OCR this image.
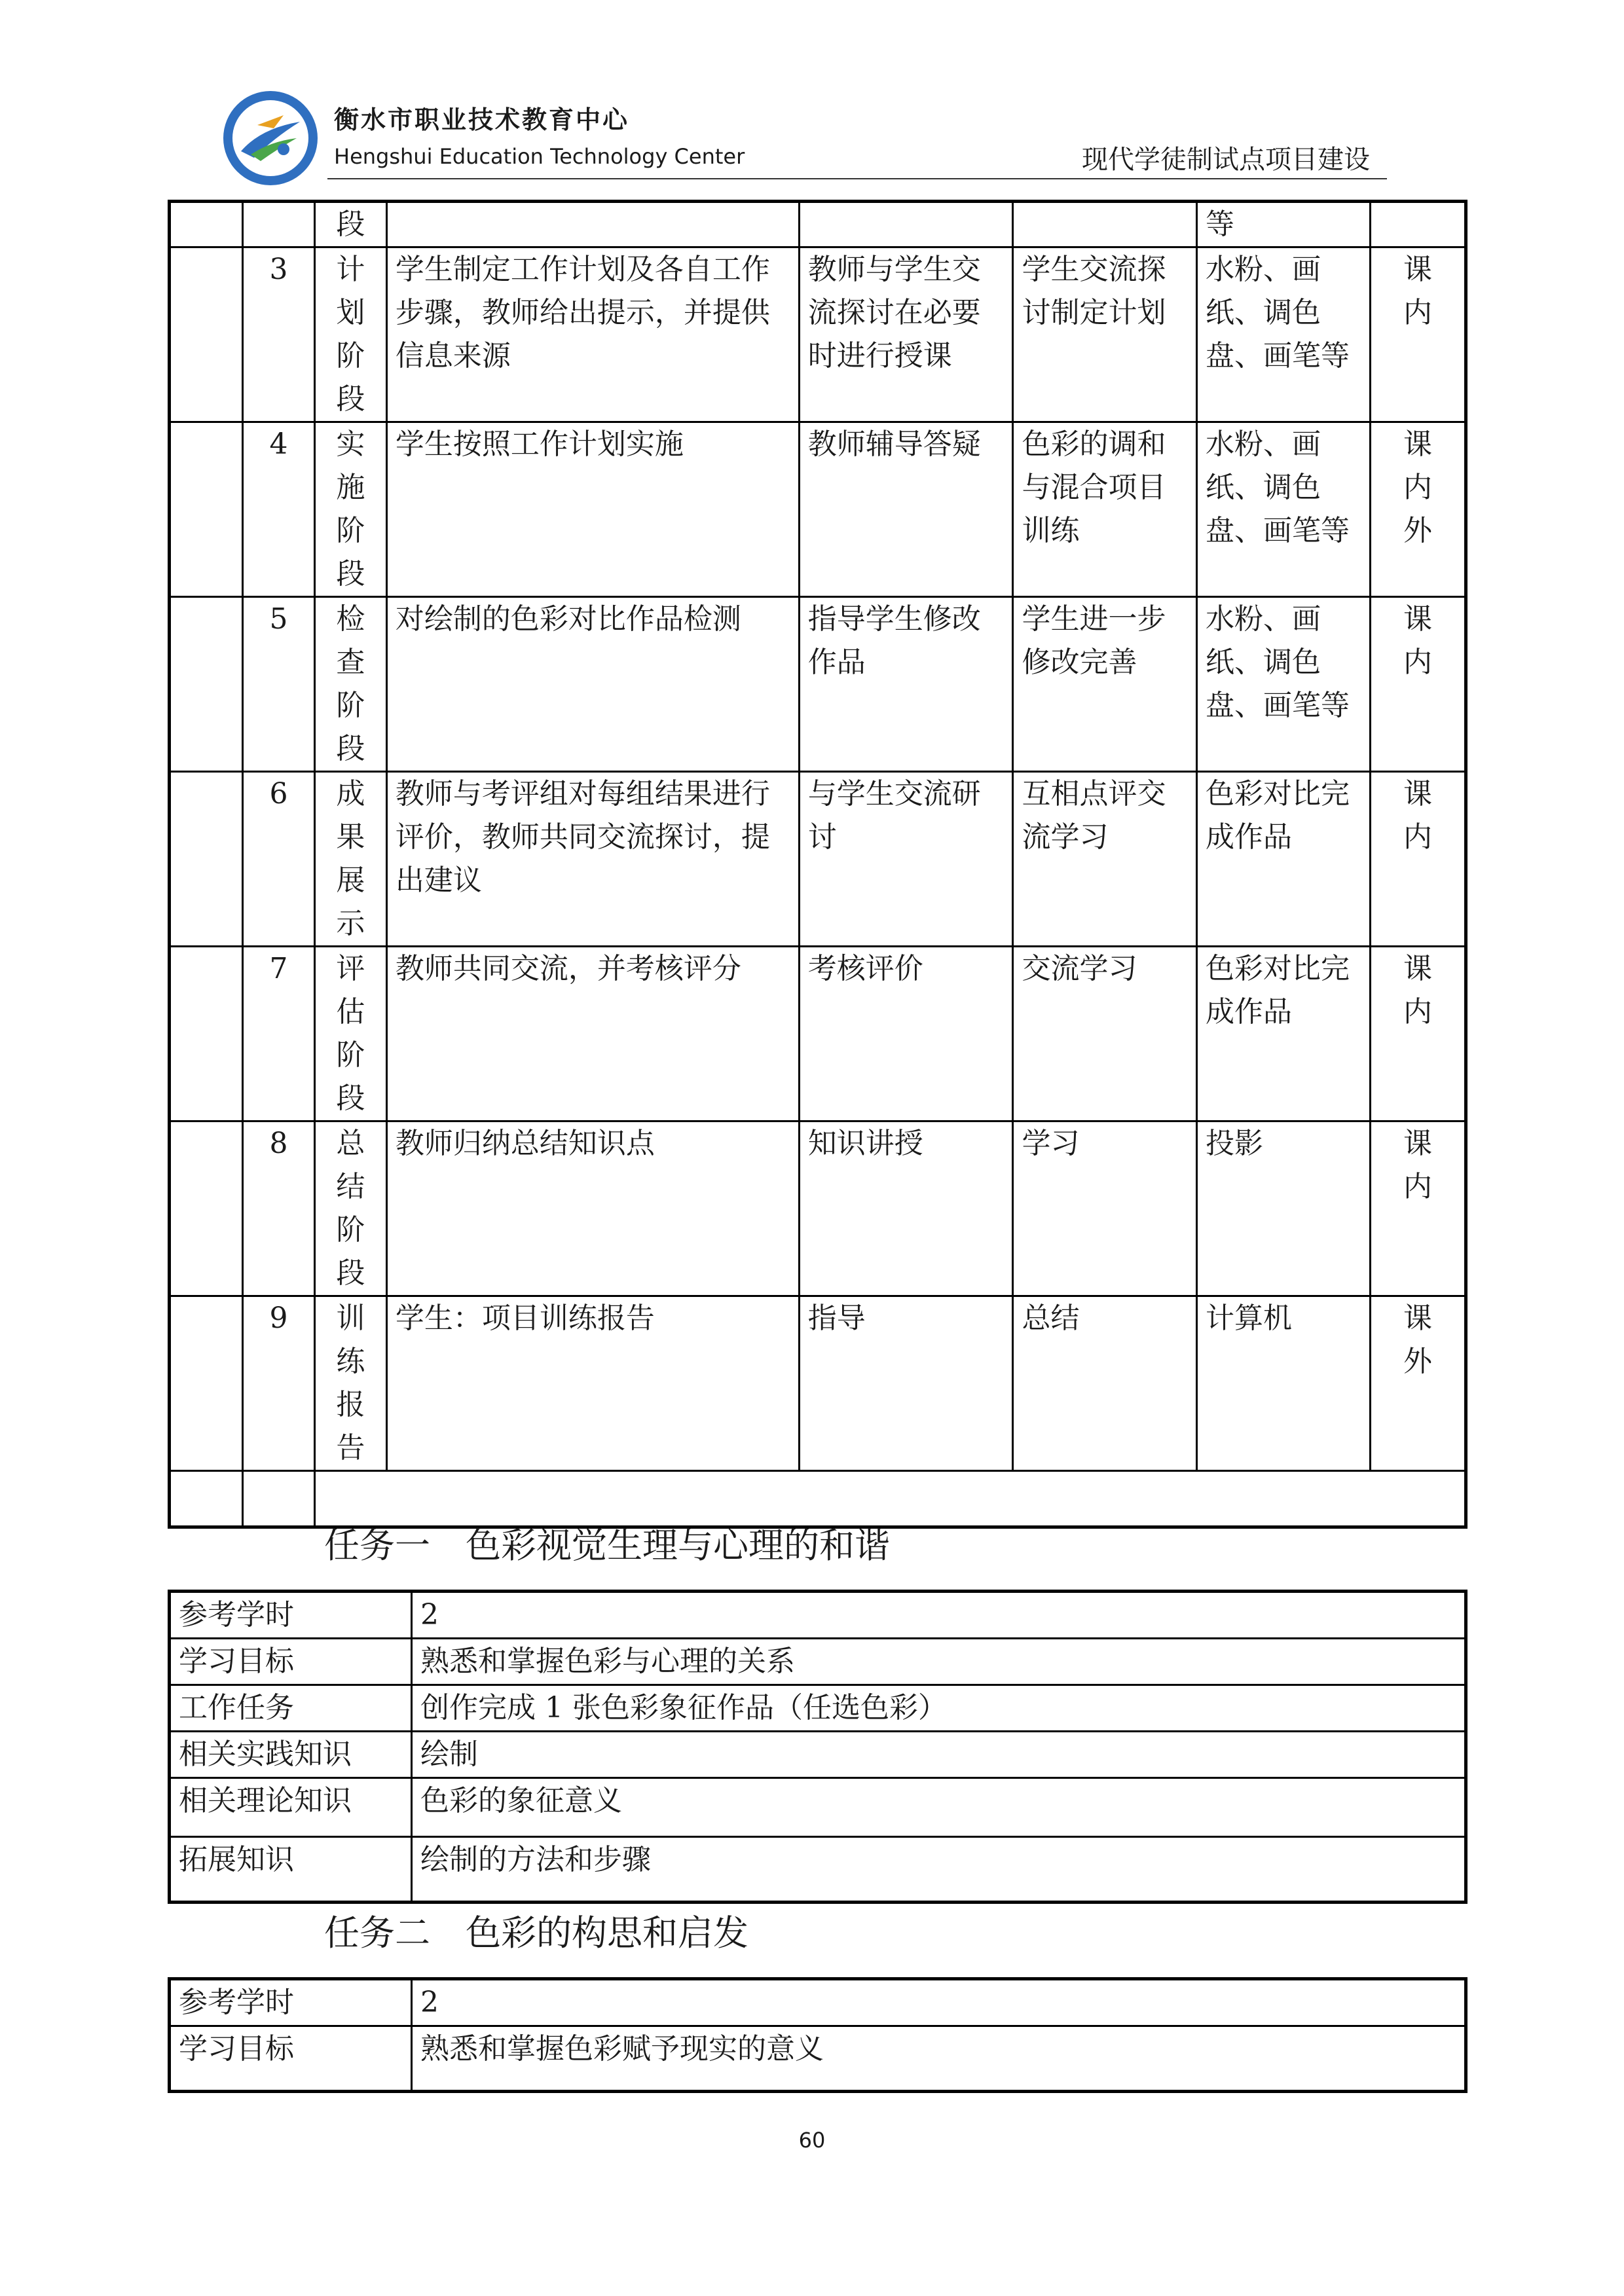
衡水市职业技术教育中心
Hengshui Education Technology Center	现代学徒制试点项目建设

		段				等	

	3	计划阶段	学生制定工作计划及各自工作步骤，教师给出提示，并提供信息来源	教师与学生交流探讨在必要时进行授课	学生交流探讨制定计划	水粉、画纸、调色盘、画笔等	课内

	4	实施阶段	学生按照工作计划实施	教师辅导答疑	色彩的调和与混合项目训练	水粉、画纸、调色盘、画笔等	课内外

	5	检查阶段	对绘制的色彩对比作品检测	指导学生修改作品	学生进一步修改完善	水粉、画纸、调色盘、画笔等	课内

	6	成果展示	教师与考评组对每组结果进行评价，教师共同交流探讨，提出建议	与学生交流研讨	互相点评交流学习	色彩对比完成作品	课内

	7	评估阶段	教师共同交流，并考核评分	考核评价	交流学习	色彩对比完成作品	课内

	8	总结阶段	教师归纳总结知识点	知识讲授	学习	投影	课内

	9	训练报告	学生：项目训练报告	指导	总结	计算机	课外

任务一　色彩视觉生理与心理的和谐
参考学时	2
学习目标	熟悉和掌握色彩与心理的关系
工作任务	创作完成 1 张色彩象征作品（任选色彩）
相关实践知识	绘制
相关理论知识	色彩的象征意义
拓展知识	绘制的方法和步骤
任务二　色彩的构思和启发
参考学时	2
学习目标	熟悉和掌握色彩赋予现实的意义
60
